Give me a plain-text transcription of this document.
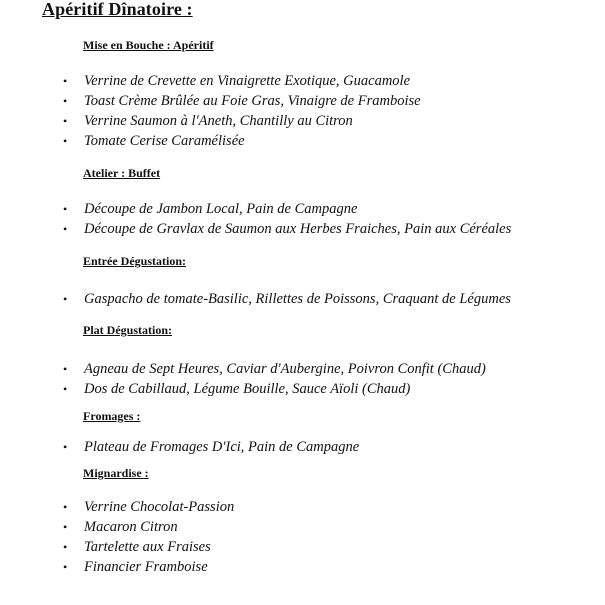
Apéritif Dînatoire :
Mise en Bouche : Apéritif
• Verrine de Crevette en Vinaigrette Exotique, Guacamole
• Toast Crème Brûlée au Foie Gras, Vinaigre de Framboise
• Verrine Saumon à l'Aneth, Chantilly au Citron
• Tomate Cerise Caramélisée
Atelier : Buffet
• Découpe de Jambon Local, Pain de Campagne
• Découpe de Gravlax de Saumon aux Herbes Fraiches, Pain aux Céréales
Entrée Dégustation:
• Gaspacho de tomate-Basilic, Rillettes de Poissons, Craquant de Légumes
Plat Dégustation:
• Agneau de Sept Heures, Caviar d'Aubergine, Poivron Confit (Chaud)
• Dos de Cabillaud, Légume Bouille, Sauce Aïoli (Chaud)
Fromages :
• Plateau de Fromages D'Ici, Pain de Campagne
Mignardise :
• Verrine Chocolat-Passion
• Macaron Citron
• Tartelette aux Fraises
• Financier Framboise
